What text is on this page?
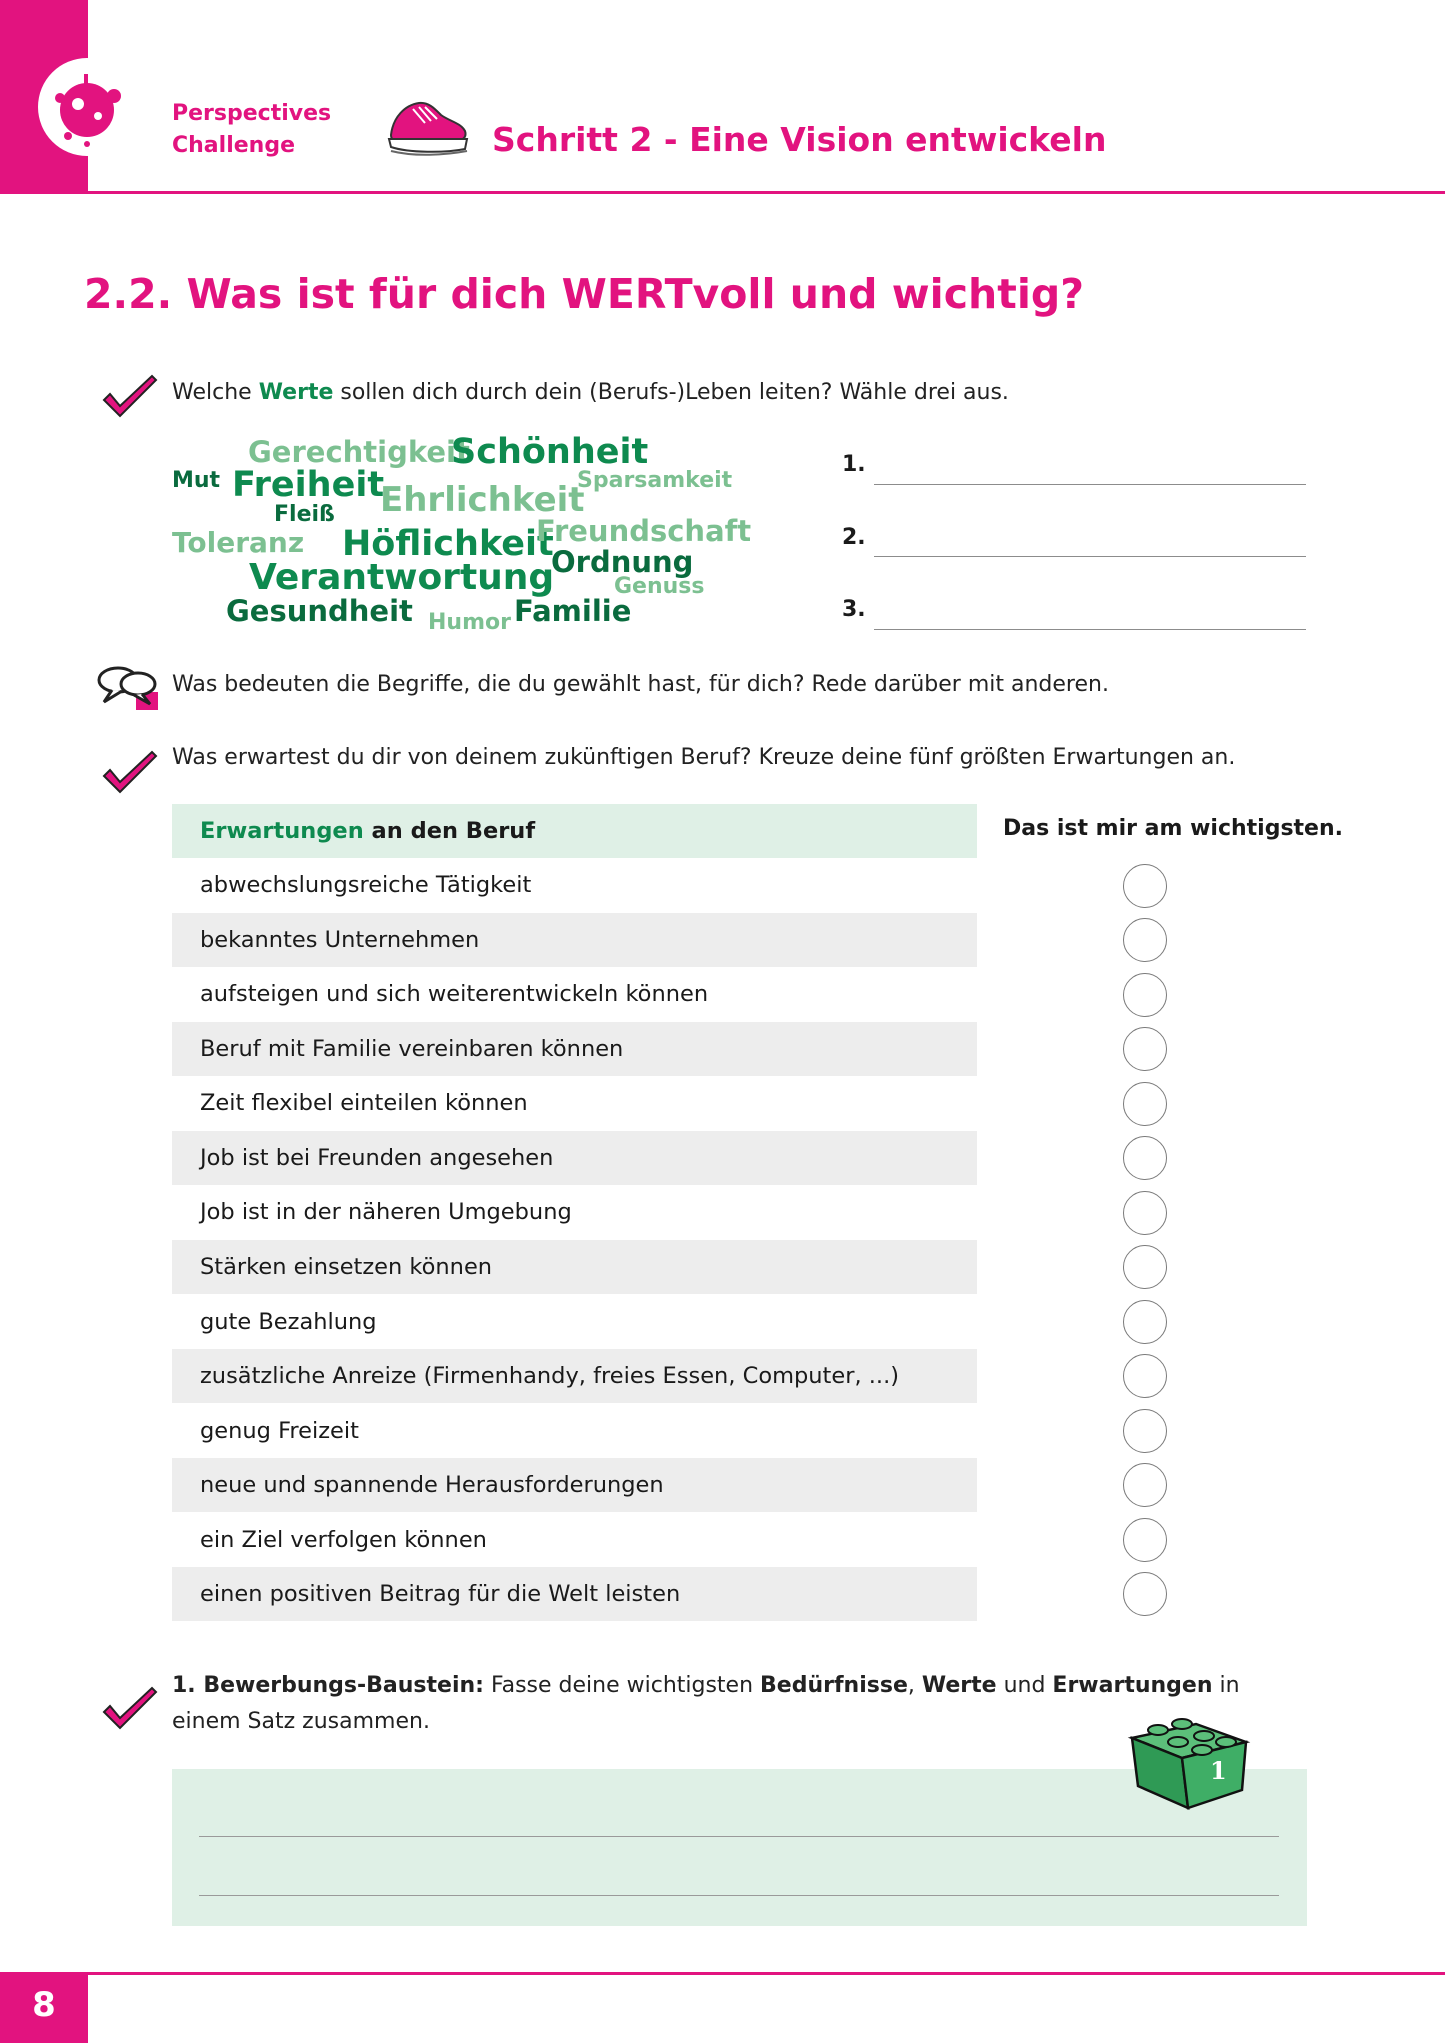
Perspectives
Challenge	Schritt 2 - Eine Vision entwickeln
2.2. Was ist für dich WERTvoll und wichtig?
Welche Werte sollen dich durch dein (Berufs-)Leben leiten? Wähle drei aus.
Gerechtigkeit
Schönheit
Mut Freiheit
Ehrlichkeit
Sparsamkeit
Fleiß
Toleranz Höflichkeit
Freundschaft
Ordnung
Verantwortung	Genuss
Gesundheit Humor Familie
1.
2.
3.
Was bedeuten die Begriffe, die du gewählt hast, für dich? Rede darüber mit anderen.
Was erwartest du dir von deinem zukünftigen Beruf? Kreuze deine fünf größten Erwartungen an.
Erwartungen an den Beruf	Das ist mir am wichtigsten.
abwechslungsreiche Tätigkeit
bekanntes Unternehmen
aufsteigen und sich weiterentwickeln können
Beruf mit Familie vereinbaren können
Zeit flexibel einteilen können
Job ist bei Freunden angesehen
Job ist in der näheren Umgebung
Stärken einsetzen können
gute Bezahlung
zusätzliche Anreize (Firmenhandy, freies Essen, Computer, ...)
genug Freizeit
neue und spannende Herausforderungen
ein Ziel verfolgen können
einen positiven Beitrag für die Welt leisten
1. Bewerbungs-Baustein: Fasse deine wichtigsten Bedürfnisse, Werte und Erwartungen in einem Satz zusammen.
1
8
